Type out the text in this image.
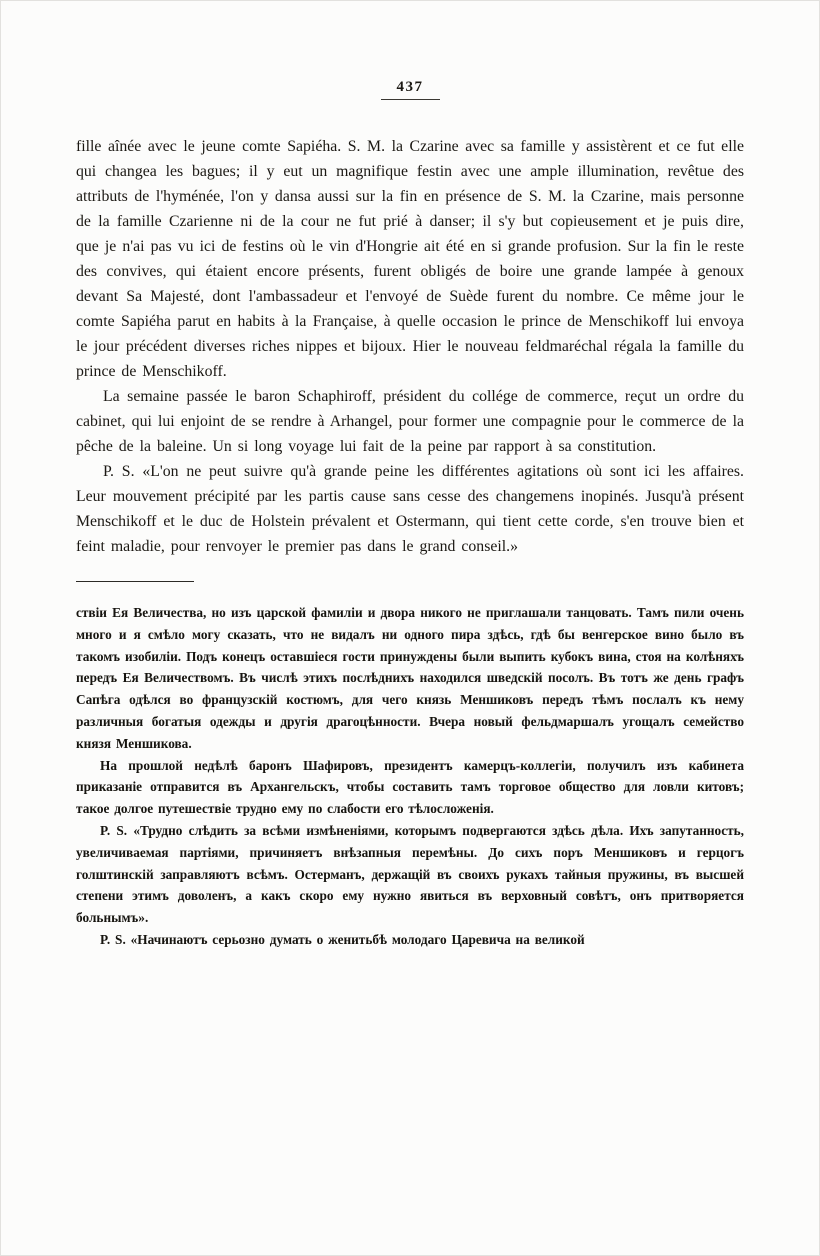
437

fille aînée avec le jeune comte Sapiéha. S. M. la Czarine avec sa famille y assistèrent et ce fut elle qui changea les bagues; il y eut un magnifique festin avec une ample illumination, revêtue des attributs de l'hyménée, l'on y dansa aussi sur la fin en présence de S. M. la Czarine, mais personne de la famille Czarienne ni de la cour ne fut prié à danser; il s'y but copieusement et je puis dire, que je n'ai pas vu ici de festins où le vin d'Hongrie ait été en si grande profusion. Sur la fin le reste des convives, qui étaient encore présents, furent obligés de boire une grande lampée à genoux devant Sa Majesté, dont l'ambassadeur et l'envoyé de Suède furent du nombre. Ce même jour le comte Sapiéha parut en habits à la Française, à quelle occasion le prince de Menschikoff lui envoya le jour précédent diverses riches nippes et bijoux. Hier le nouveau feldmaréchal régala la famille du prince de Menschikoff.

La semaine passée le baron Schaphiroff, président du collége de commerce, reçut un ordre du cabinet, qui lui enjoint de se rendre à Arhangel, pour former une compagnie pour le commerce de la pêche de la baleine. Un si long voyage lui fait de la peine par rapport à sa constitution.

P. S. «L'on ne peut suivre qu'à grande peine les différentes agitations où sont ici les affaires. Leur mouvement précipité par les partis cause sans cesse des changemens inopinés. Jusqu'à présent Menschikoff et le duc de Holstein prévalent et Ostermann, qui tient cette corde, s'en trouve bien et feint maladie, pour renvoyer le premier pas dans le grand conseil.»

ствіи Ея Величества, но изъ царской фамиліи и двора никого не приглашали танцовать. Тамъ пили очень много и я смѣло могу сказать, что не видалъ ни одного пира здѣсь, гдѣ бы венгерское вино было въ такомъ изобиліи. Подъ конецъ оставшіеся гости принуждены были выпить кубокъ вина, стоя на колѣняхъ передъ Ея Величествомъ. Въ числѣ этихъ послѣднихъ находился шведскій посолъ. Въ тотъ же день графъ Сапѣга одѣлся во французскій костюмъ, для чего князь Меншиковъ передъ тѣмъ послалъ къ нему различныя богатыя одежды и другія драгоцѣнности. Вчера новый фельдмаршалъ угощалъ семейство князя Меншикова.

На прошлой недѣлѣ баронъ Шафировъ, президентъ камерцъ-коллегіи, получилъ изъ кабинета приказаніе отправится въ Архангельскъ, чтобы составить тамъ торговое общество для ловли китовъ; такое долгое путешествіе трудно ему по слабости его тѣлосложенія.

P. S. «Трудно слѣдить за всѣми измѣненіями, которымъ подвергаются здѣсь дѣла. Ихъ запутанность, увеличиваемая партіями, причиняетъ внѣзапныя перемѣны. До сихъ поръ Меншиковъ и герцогъ голштинскій заправляютъ всѣмъ. Остерманъ, держащій въ своихъ рукахъ тайныя пружины, въ высшей степени этимъ доволенъ, а какъ скоро ему нужно явиться въ верховный совѣтъ, онъ притворяется больнымъ».

P. S. «Начинаютъ серьозно думать о женитьбѣ молодаго Царевича на великой
